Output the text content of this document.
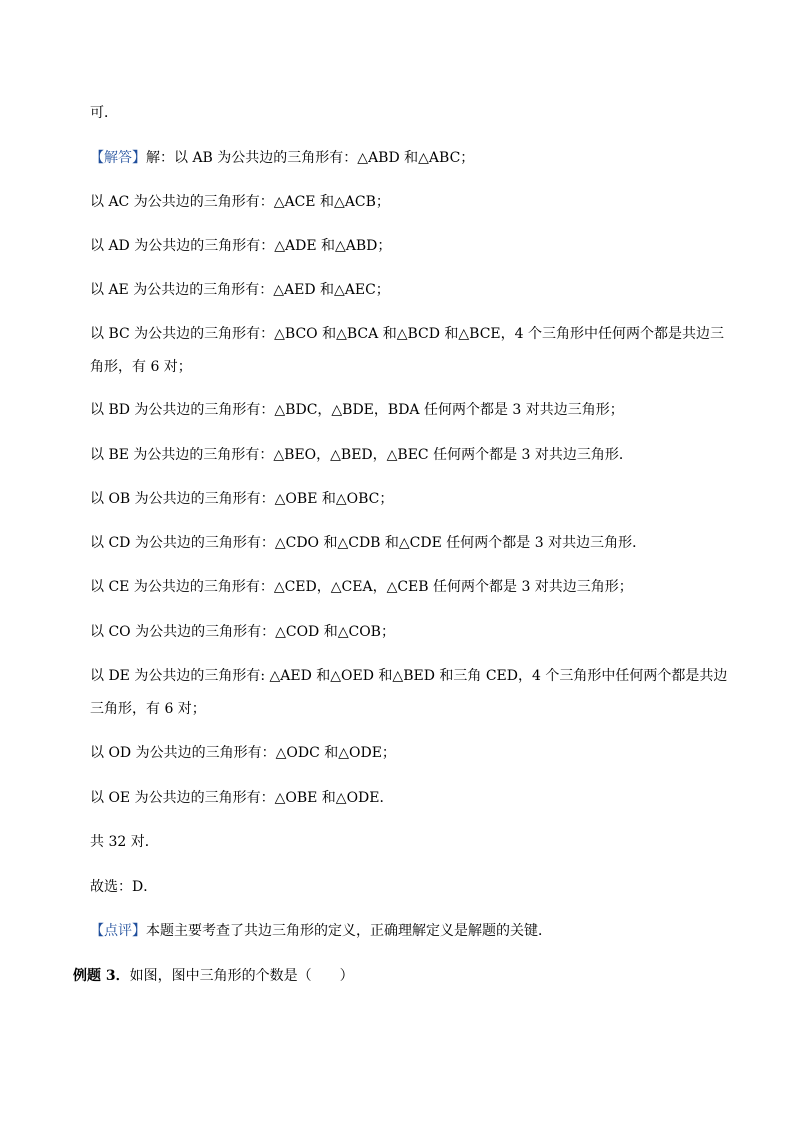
可．
【解答】解：以 AB 为公共边的三角形有：△ABD 和△ABC；
以 AC 为公共边的三角形有：△ACE 和△ACB；
以 AD 为公共边的三角形有：△ADE 和△ABD；
以 AE 为公共边的三角形有：△AED 和△AEC；
以 BC 为公共边的三角形有：△BCO 和△BCA 和△BCD 和△BCE，4 个三角形中任何两个都是共边三角形，有 6 对；
以 BD 为公共边的三角形有：△BDC，△BDE，BDA 任何两个都是 3 对共边三角形；
以 BE 为公共边的三角形有：△BEO，△BED，△BEC 任何两个都是 3 对共边三角形．
以 OB 为公共边的三角形有：△OBE 和△OBC；
以 CD 为公共边的三角形有：△CDO 和△CDB 和△CDE 任何两个都是 3 对共边三角形．
以 CE 为公共边的三角形有：△CED，△CEA，△CEB 任何两个都是 3 对共边三角形；
以 CO 为公共边的三角形有：△COD 和△COB；
以 DE 为公共边的三角形有: △AED 和△OED 和△BED 和三角 CED，4 个三角形中任何两个都是共边三角形，有 6 对；
以 OD 为公共边的三角形有：△ODC 和△ODE；
以 OE 为公共边的三角形有：△OBE 和△ODE．
共 32 对．
故选：D．
【点评】本题主要考查了共边三角形的定义，正确理解定义是解题的关键．
例题 3．如图，图中三角形的个数是（　　）
